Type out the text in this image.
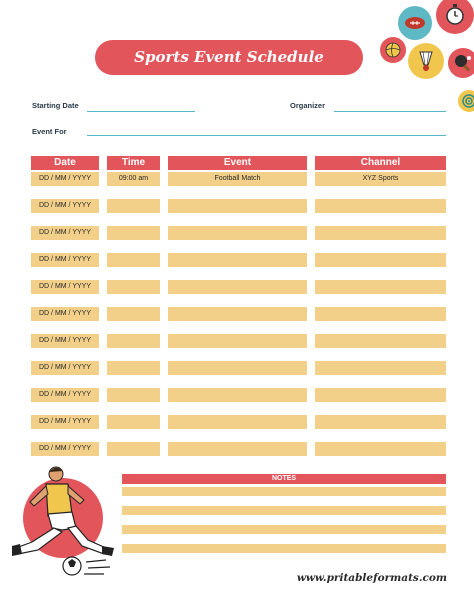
Sports Event Schedule Template
Starting Date	Organizer
Event For
Date	Time	Event	Channel
DD / MM / YYYY	09:00 am	Football Match	XYZ Sports
DD / MM / YYYY
DD / MM / YYYY
DD / MM / YYYY
DD / MM / YYYY
DD / MM / YYYY
DD / MM / YYYY
DD / MM / YYYY
DD / MM / YYYY
DD / MM / YYYY
DD / MM / YYYY
NOTES
www.pritableformats.com
